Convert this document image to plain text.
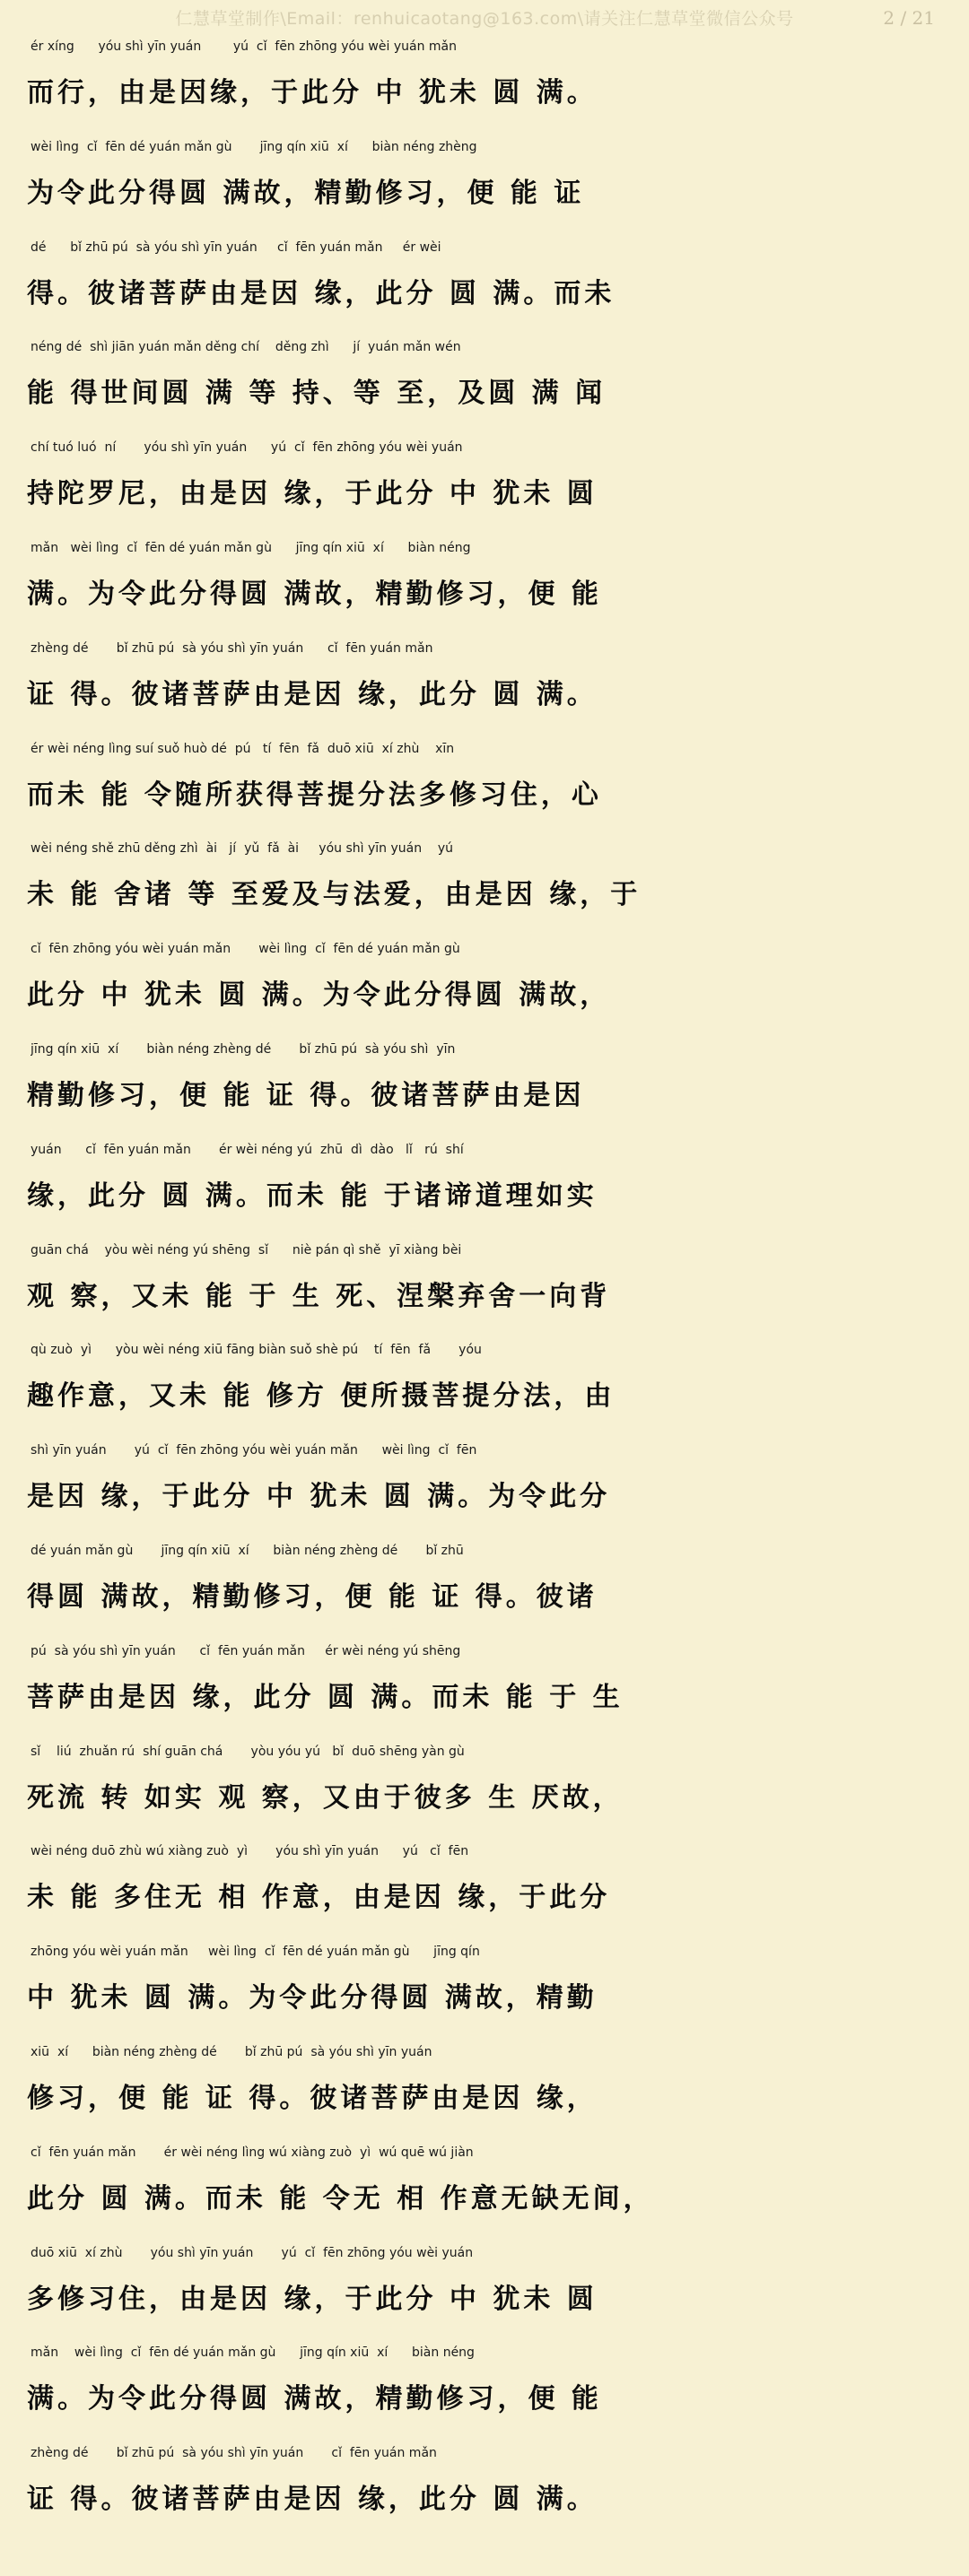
仁慧草堂制作\Email：renhuicaotang@163.com\请关注仁慧草堂微信公众号	2 / 21
ér xíng      yóu shì yīn yuán        yú  cǐ  fēn zhōng yóu wèi yuán mǎn
而行，由是因缘，于此分 中 犹未 圆 满。
wèi lìng  cǐ  fēn dé yuán mǎn gù       jīng qín xiū  xí      biàn néng zhèng
为令此分得圆 满故，精勤修习，便 能 证
dé      bǐ zhū pú  sà yóu shì yīn yuán     cǐ  fēn yuán mǎn     ér wèi
得。彼诸菩萨由是因 缘，此分 圆 满。而未
néng dé  shì jiān yuán mǎn děng chí    děng zhì      jí  yuán mǎn wén
能 得世间圆 满 等 持、等 至，及圆 满 闻
chí tuó luó  ní       yóu shì yīn yuán      yú  cǐ  fēn zhōng yóu wèi yuán
持陀罗尼，由是因 缘，于此分 中 犹未 圆
mǎn   wèi lìng  cǐ  fēn dé yuán mǎn gù      jīng qín xiū  xí      biàn néng
满。为令此分得圆 满故，精勤修习，便 能
zhèng dé       bǐ zhū pú  sà yóu shì yīn yuán      cǐ  fēn yuán mǎn
证 得。彼诸菩萨由是因 缘，此分 圆 满。
ér wèi néng lìng suí suǒ huò dé  pú   tí  fēn  fǎ  duō xiū  xí zhù    xīn
而未 能 令随所获得菩提分法多修习住，心
wèi néng shě zhū děng zhì  ài   jí  yǔ  fǎ  ài     yóu shì yīn yuán    yú
未 能 舍诸 等 至爱及与法爱，由是因 缘，于
cǐ  fēn zhōng yóu wèi yuán mǎn       wèi lìng  cǐ  fēn dé yuán mǎn gù
此分 中 犹未 圆 满。为令此分得圆 满故，
jīng qín xiū  xí       biàn néng zhèng dé       bǐ zhū pú  sà yóu shì  yīn
精勤修习，便 能 证 得。彼诸菩萨由是因
yuán      cǐ  fēn yuán mǎn       ér wèi néng yú  zhū  dì  dào   lǐ   rú  shí
缘，此分 圆 满。而未 能 于诸谛道理如实
guān chá    yòu wèi néng yú shēng  sǐ      niè pán qì shě  yī xiàng bèi
观 察，又未 能 于 生 死、涅槃弃舍一向背
qù zuò  yì      yòu wèi néng xiū fāng biàn suǒ shè pú    tí  fēn  fǎ       yóu
趣作意，又未 能 修方 便所摄菩提分法，由
shì yīn yuán       yú  cǐ  fēn zhōng yóu wèi yuán mǎn      wèi lìng  cǐ  fēn
是因 缘，于此分 中 犹未 圆 满。为令此分
dé yuán mǎn gù       jīng qín xiū  xí      biàn néng zhèng dé       bǐ zhū
得圆 满故，精勤修习，便 能 证 得。彼诸
pú  sà yóu shì yīn yuán      cǐ  fēn yuán mǎn     ér wèi néng yú shēng
菩萨由是因 缘，此分 圆 满。而未 能 于 生
sǐ    liú  zhuǎn rú  shí guān chá       yòu yóu yú   bǐ  duō shēng yàn gù
死流 转 如实 观 察，又由于彼多 生 厌故，
wèi néng duō zhù wú xiàng zuò  yì       yóu shì yīn yuán      yú   cǐ  fēn
未 能 多住无 相 作意，由是因 缘，于此分
zhōng yóu wèi yuán mǎn     wèi lìng  cǐ  fēn dé yuán mǎn gù      jīng qín
中 犹未 圆 满。为令此分得圆 满故，精勤
xiū  xí      biàn néng zhèng dé       bǐ zhū pú  sà yóu shì yīn yuán
修习，便 能 证 得。彼诸菩萨由是因 缘，
cǐ  fēn yuán mǎn       ér wèi néng lìng wú xiàng zuò  yì  wú quē wú jiàn
此分 圆 满。而未 能 令无 相 作意无缺无间，
duō xiū  xí zhù       yóu shì yīn yuán       yú  cǐ  fēn zhōng yóu wèi yuán
多修习住，由是因 缘，于此分 中 犹未 圆
mǎn    wèi lìng  cǐ  fēn dé yuán mǎn gù      jīng qín xiū  xí      biàn néng
满。为令此分得圆 满故，精勤修习，便 能
zhèng dé       bǐ zhū pú  sà yóu shì yīn yuán       cǐ  fēn yuán mǎn
证 得。彼诸菩萨由是因 缘，此分 圆 满。
